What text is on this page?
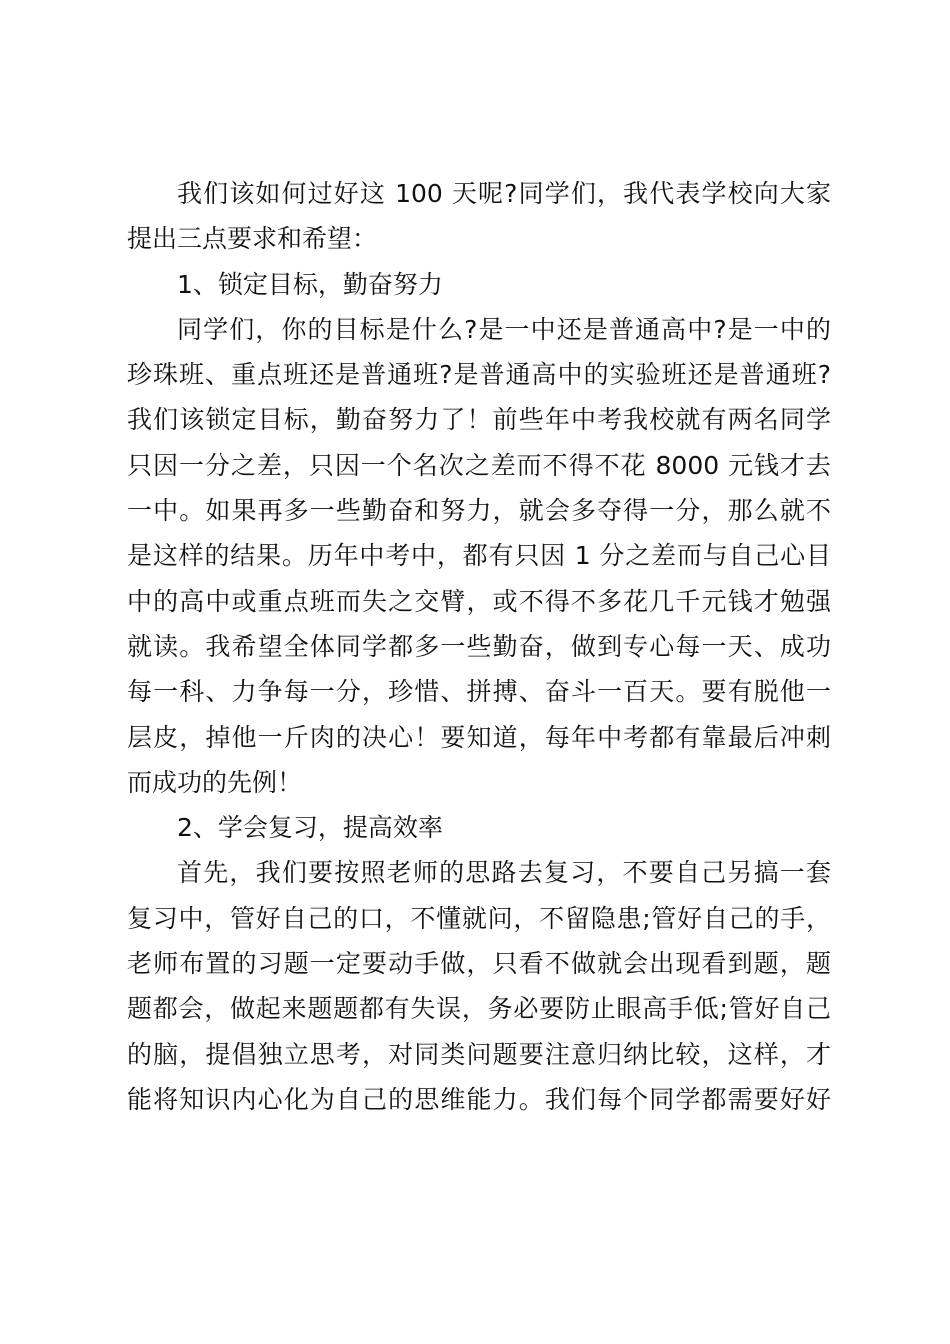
我们该如何过好这 100 天呢?同学们，我代表学校向大家
提出三点要求和希望：
1、锁定目标，勤奋努力
同学们，你的目标是什么?是一中还是普通高中?是一中的
珍珠班、重点班还是普通班?是普通高中的实验班还是普通班?
我们该锁定目标，勤奋努力了！前些年中考我校就有两名同学
只因一分之差，只因一个名次之差而不得不花 8000 元钱才去
一中。如果再多一些勤奋和努力，就会多夺得一分，那么就不
是这样的结果。历年中考中，都有只因 1 分之差而与自己心目
中的高中或重点班而失之交臂，或不得不多花几千元钱才勉强
就读。我希望全体同学都多一些勤奋，做到专心每一天、成功
每一科、力争每一分，珍惜、拼搏、奋斗一百天。要有脱他一
层皮，掉他一斤肉的决心！要知道，每年中考都有靠最后冲刺
而成功的先例！
2、学会复习，提高效率
首先，我们要按照老师的思路去复习，不要自己另搞一套
复习中，管好自己的口，不懂就问，不留隐患;管好自己的手，
老师布置的习题一定要动手做，只看不做就会出现看到题，题
题都会，做起来题题都有失误，务必要防止眼高手低;管好自己
的脑，提倡独立思考，对同类问题要注意归纳比较，这样，才
能将知识内心化为自己的思维能力。我们每个同学都需要好好
